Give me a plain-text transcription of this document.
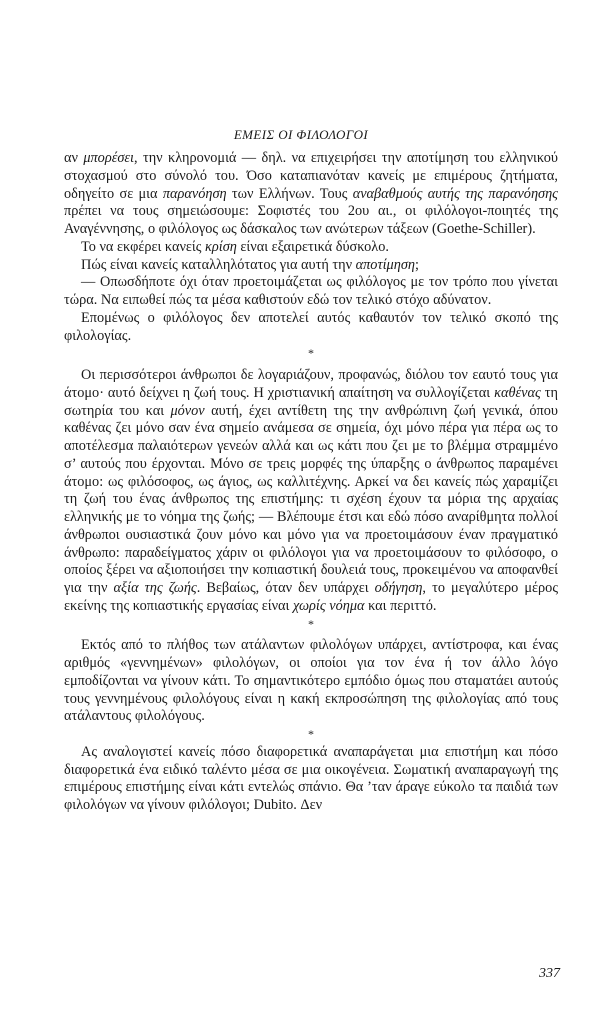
ΕΜΕΙΣ ΟΙ ΦΙΛΟΛΟΓΟΙ

αν μπορέσει, την κληρονομιά — δηλ. να επιχειρήσει την αποτίμηση του ελληνικού στοχασμού στο σύνολό του. Όσο καταπιανόταν κανείς με επιμέρους ζητήματα, οδηγείτο σε μια παρανόηση των Ελλήνων. Τους αναβαθμούς αυτής της παρανόησης πρέπει να τους σημειώσουμε: Σοφιστές του 2ου αι., οι φιλόλογοι-ποιητές της Αναγέννησης, ο φιλόλογος ως δάσκαλος των ανώτερων τάξεων (Goethe-Schiller).

Το να εκφέρει κανείς κρίση είναι εξαιρετικά δύσκολο.

Πώς είναι κανείς καταλληλότατος για αυτή την αποτίμηση;

— Οπωσδήποτε όχι όταν προετοιμάζεται ως φιλόλογος με τον τρόπο που γίνεται τώρα. Να ειπωθεί πώς τα μέσα καθιστούν εδώ τον τελικό στόχο αδύνατον.

Επομένως ο φιλόλογος δεν αποτελεί αυτός καθαυτόν τον τελικό σκοπό της φιλολογίας.

*

Οι περισσότεροι άνθρωποι δε λογαριάζουν, προφανώς, διόλου τον εαυτό τους για άτομο· αυτό δείχνει η ζωή τους. Η χριστιανική απαίτηση να συλλογίζεται καθένας τη σωτηρία του και μόνον αυτή, έχει αντίθετη της την ανθρώπινη ζωή γενικά, όπου καθένας ζει μόνο σαν ένα σημείο ανάμεσα σε σημεία, όχι μόνο πέρα για πέρα ως το αποτέλεσμα παλαιότερων γενεών αλλά και ως κάτι που ζει με το βλέμμα στραμμένο σ’ αυτούς που έρχονται. Μόνο σε τρεις μορφές της ύπαρξης ο άνθρωπος παραμένει άτομο: ως φιλόσοφος, ως άγιος, ως καλλιτέχνης. Αρκεί να δει κανείς πώς χαραμίζει τη ζωή του ένας άνθρωπος της επιστήμης: τι σχέση έχουν τα μόρια της αρχαίας ελληνικής με το νόημα της ζωής; — Βλέπουμε έτσι και εδώ πόσο αναρίθμητα πολλοί άνθρωποι ουσιαστικά ζουν μόνο και μόνο για να προετοιμάσουν έναν πραγματικό άνθρωπο: παραδείγματος χάριν οι φιλόλογοι για να προετοιμάσουν το φιλόσοφο, ο οποίος ξέρει να αξιοποιήσει την κοπιαστική δουλειά τους, προκειμένου να αποφανθεί για την αξία της ζωής. Βεβαίως, όταν δεν υπάρχει οδήγηση, το μεγαλύτερο μέρος εκείνης της κοπιαστικής εργασίας είναι χωρίς νόημα και περιττό.

*

Εκτός από το πλήθος των ατάλαντων φιλολόγων υπάρχει, αντίστροφα, και ένας αριθμός «γεννημένων» φιλολόγων, οι οποίοι για τον ένα ή τον άλλο λόγο εμποδίζονται να γίνουν κάτι. Το σημαντικότερο εμπόδιο όμως που σταματάει αυτούς τους γεννημένους φιλολόγους είναι η κακή εκπροσώπηση της φιλολογίας από τους ατάλαντους φιλολόγους.

*

Ας αναλογιστεί κανείς πόσο διαφορετικά αναπαράγεται μια επιστήμη και πόσο διαφορετικά ένα ειδικό ταλέντο μέσα σε μια οικογένεια. Σωματική αναπαραγωγή της επιμέρους επιστήμης είναι κάτι εντελώς σπάνιο. Θα ’ταν άραγε εύκολο τα παιδιά των φιλολόγων να γίνουν φιλόλογοι; Dubito. Δεν

337
